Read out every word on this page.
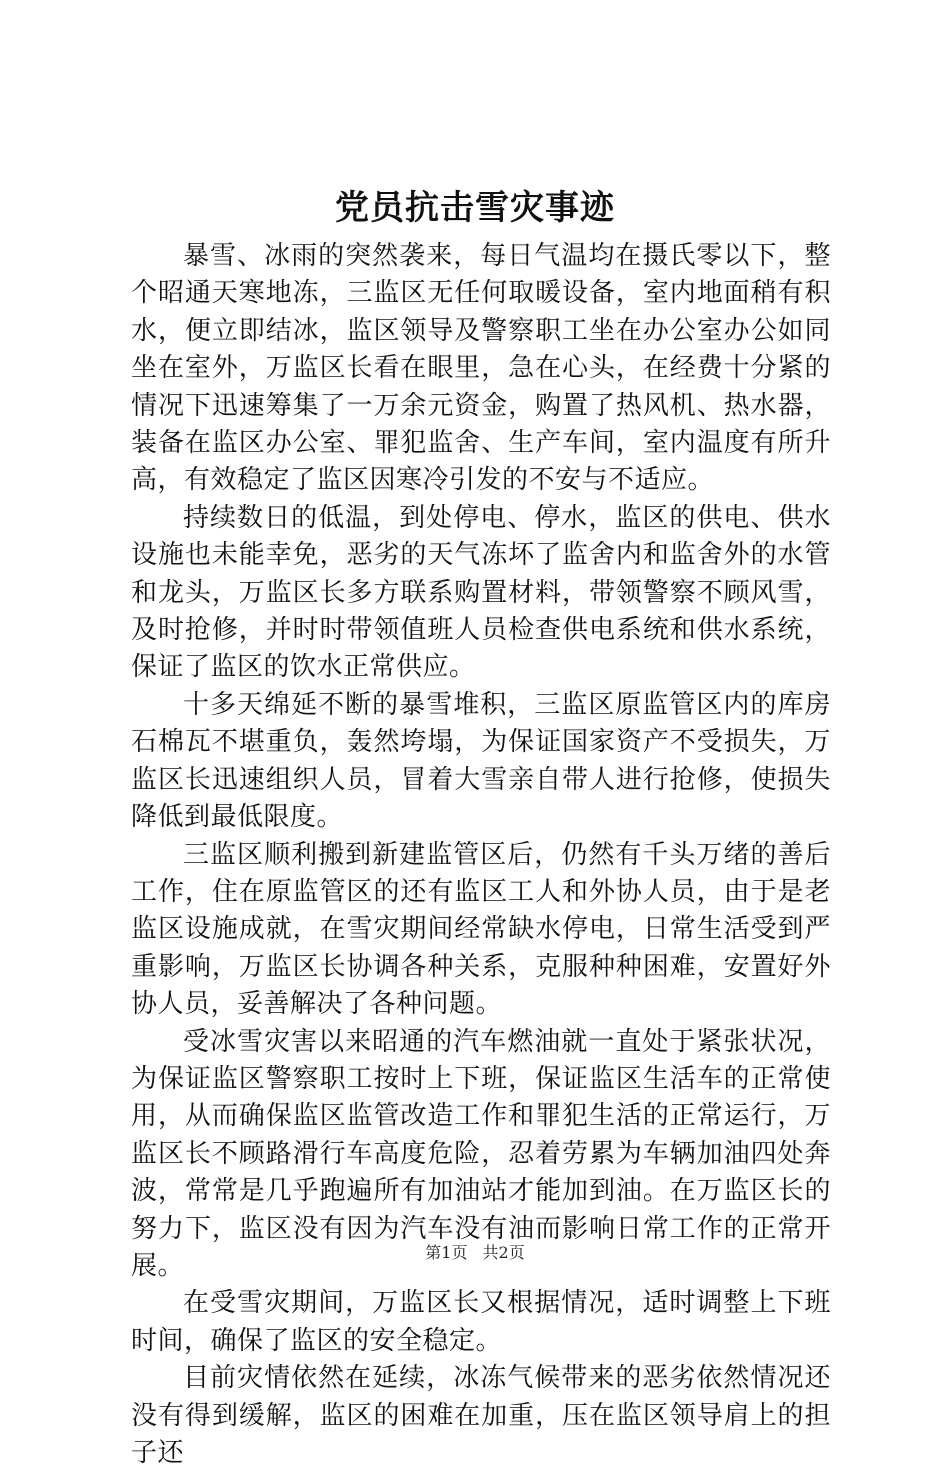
党员抗击雪灾事迹

暴雪、冰雨的突然袭来，每日气温均在摄氏零以下，整个昭通天寒地冻，三监区无任何取暖设备，室内地面稍有积水，便立即结冰，监区领导及警察职工坐在办公室办公如同坐在室外，万监区长看在眼里，急在心头，在经费十分紧的情况下迅速筹集了一万余元资金，购置了热风机、热水器，装备在监区办公室、罪犯监舍、生产车间，室内温度有所升高，有效稳定了监区因寒冷引发的不安与不适应。

持续数日的低温，到处停电、停水，监区的供电、供水设施也未能幸免，恶劣的天气冻坏了监舍内和监舍外的水管和龙头，万监区长多方联系购置材料，带领警察不顾风雪，及时抢修，并时时带领值班人员检查供电系统和供水系统，保证了监区的饮水正常供应。

十多天绵延不断的暴雪堆积，三监区原监管区内的库房石棉瓦不堪重负，轰然垮塌，为保证国家资产不受损失，万监区长迅速组织人员，冒着大雪亲自带人进行抢修，使损失降低到最低限度。

三监区顺利搬到新建监管区后，仍然有千头万绪的善后工作，住在原监管区的还有监区工人和外协人员，由于是老监区设施成就，在雪灾期间经常缺水停电，日常生活受到严重影响，万监区长协调各种关系，克服种种困难，安置好外协人员，妥善解决了各种问题。

受冰雪灾害以来昭通的汽车燃油就一直处于紧张状况，为保证监区警察职工按时上下班，保证监区生活车的正常使用，从而确保监区监管改造工作和罪犯生活的正常运行，万监区长不顾路滑行车高度危险，忍着劳累为车辆加油四处奔波，常常是几乎跑遍所有加油站才能加到油。在万监区长的努力下，监区没有因为汽车没有油而影响日常工作的正常开展。

在受雪灾期间，万监区长又根据情况，适时调整上下班时间，确保了监区的安全稳定。

目前灾情依然在延续，冰冻气候带来的恶劣依然情况还没有得到缓解，监区的困难在加重，压在监区领导肩上的担子还

第1页 共2页
